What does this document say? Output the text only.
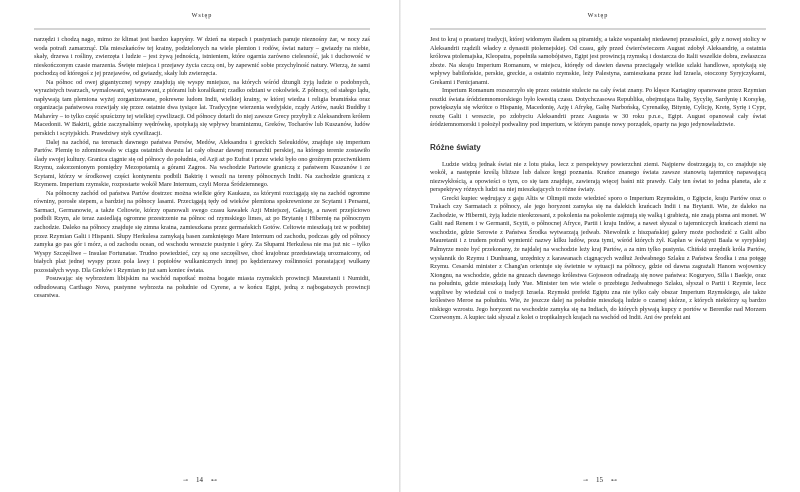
Wstęp

narzędzi i chodzą nago, mimo że klimat jest bardzo kapryśny. W dzień na stepach i pustyniach panuje nieznośny żar, w nocy zaś woda potrafi zamarznąć. Dla mieszkańców tej krainy, podzielonych na wiele plemion i rodów, świat natury – gwiazdy na niebie, skały, drzewa i rośliny, zwierzęta i ludzie – jest żywą jednością, istnieniem, które ogarnia zarówno cielesność, jak i duchowość w nieskończonym czasie marzenia. Święte miejsca i przejawy życia czczą oni, by zapewnić sobie przychylność natury. Wierzą, że sami pochodzą od któregoś z jej przejawów, od gwiazdy, skały lub zwierzęcia.

Na północ od owej gigantycznej wyspy znajdują się wyspy mniejsze, na których wśród dżungli żyją ludzie o podobnych, wyrazistych twarzach, wymalowani, wytatuowani, z piórami lub koralikami; rzadko odziani w cokolwiek. Z północy, od stałego lądu, napływają tam plemiona wyżej zorganizowane, pokrewne ludom Indii, wielkiej krainy, w której wiedza i religia bramińska oraz organizacja państwowa rozwijały się przez ostatnie dwa tysiące lat. Tradycyjne wierzenia wedyjskie, rządy Ariów, nauki Buddhy i Mahavíry – to tylko część spuścizny tej wielkiej cywilizacji. Od północy dotarli do niej zawsze Grecy przybyli z Aleksandrem królem Macedonii. W Baktrii, gdzie zaczynaliśmy wędrówkę, spotykają się wpływy braminizmu, Greków, Tocharów lub Kuszanów, ludów perskich i scytyjskich. Prawdziwy styk cywilizacji.

Dalej na zachód, na terenach dawnego państwa Persów, Medów, Aleksandra i greckich Seleukidów, znajduje się imperium Partów. Plemię to zdominowało w ciągu ostatnich dwustu lat cały obszar dawnej monarchii perskiej, na którego terenie zostawiło ślady swojej kultury. Granica ciągnie się od północy do południa, od Azji aż po Eufrat i przez wieki było ono groźnym przeciwnikiem Rzymu, zakorzenionym pomiędzy Mezopotamią a górami Zagros. Na wschodzie Partowie graniczą z państwem Kuszanów i ze Scytami, którzy w środkowej części kontynentu podbili Baktrię i weszli na tereny północnych Indii. Na zachodzie graniczą z Rzymem. Imperium rzymskie, rozpostarte wokół Mare Internum, czyli Morza Śródziemnego.

Na północny zachód od państwa Partów dostrzec można wielkie góry Kaukazu, za którymi rozciągają się na zachód ogromne równiny, porosłe stepem, a bardziej na północy lasami. Przeciągają tędy od wieków plemiona spokrewnione ze Scytami i Persami, Sarmaci, Germanowie, a także Celtowie, którzy opanowali swego czasu kawałek Azji Mniejszej, Galację, a nawet przejściowo podbili Rzym, ale teraz zasiedlają ogromne przestrzenie na północ od rzymskiego limes, aż po Brytanię i Hibernię na północnym zachodzie. Daleko na północy znajduje się zimna kraina, zamieszkana przez germańskich Gotów. Celtowie mieszkają też w podbitej przez Rzymian Galii i Hispanii. Słupy Herkulesa zamykają basen zamkniętego Mare Internum od zachodu, podczas gdy od północy zamyka go pas gór i mórz, a od zachodu ocean, od wschodu wreszcie pustynie i góry. Za Słupami Herkulesa nie ma już nic – tylko Wyspy Szczęśliwe – Insulae Fortunatae. Trudno powiedzieć, czy są one szczęśliwe, choć krajobraz przedstawiają urozmaicony, od białych plaż jednej wyspy przez pola lawy i popiołów wulkanicznych innej po kędzierzawy roślinności porastającej wulkany pozostałych wysp. Dla Greków i Rzymian to już sam koniec świata.

Posuwając się wybrzeżem libijskim na wschód napotkać można bogate miasta rzymskich prowincji Mauretanii i Numidii, odbudowaną Carthago Nova, pustynne wybrzeża na południe od Cyrene, a w końcu Egipt, jedną z najbogatszych prowincji cesarstwa.

⊸ 14 ⊷
Wstęp

Jest to kraj o prastarej tradycji, której widomym śladem są piramidy, a także wspaniałej niedawnej przeszłości, gdy z nowej stolicy w Aleksandrii rządzili władcy z dynastii ptolemejskiej. Od czasu, gdy przed ćwierćwieczem August zdobył Aleksandrię, a ostatnia królowa ptolemajska, Kleopatra, popełniła samobójstwo, Egipt jest prowincją rzymską i dostarcza do Italii wszelkie dobra, zwłaszcza zboże. Na skraju Imperium Romanum, w miejscu, którędy od dawien dawna przeciągały wielkie szlaki handlowe, spotykają się wpływy babilońskie, perskie, greckie, a ostatnio rzymskie, leży Palestyna, zamieszkana przez lud Izraela, otoczony Syryjczykami, Grekami i Fenicjanami.

Imperium Romanum rozszerzyło się przez ostatnie stulecie na cały świat znany. Po klęsce Kartaginy opanowane przez Rzymian resztki świata śródziemnomorskiego było kwestią czasu. Dotychczasowa Republika, obejmująca Italię, Sycylię, Sardynię i Korsykę, powiększyła się wkrótce o Hispanię, Macedonię, Azję i Afrykę, Galię Narbońską, Cyrenaikę, Bitynię, Cylicję, Kretę, Syrię i Cypr, resztę Galii i wreszcie, po zdobyciu Aleksandrii przez Augusta w 30 roku p.n.e., Egipt. August opanował cały świat śródziemnomorski i położył podwaliny pod imperium, w którym panuje nowy porządek, oparty na jego jedynowładztwie.

Różne światy

Ludzie widzą jednak świat nie z lotu ptaka, lecz z perspektywy powierzchni ziemi. Najpierw dostrzegają to, co znajduje się wokół, a następnie kreślą bliższe lub dalsze kręgi poznania. Krańce znanego świata zawsze stanowią tajemnicę napawającą niezwykłością, a opowieści o tym, co się tam znajduje, zawierają więcej baśni niż prawdy. Cały ten świat to jedna planeta, ale z perspektywy różnych ludzi na niej mieszkających to różne światy.

Grecki kupiec wędrujący z gaju Altis w Olimpii może wiedzieć sporo o Imperium Rzymskim, o Egipcie, kraju Partów oraz o Trakach czy Sarmatach z północy, ale jego horyzont zamyka się na dalekich krańcach Indii i na Brytanii. Wie, że daleko na Zachodzie, w Hibernii, żyją ludzie nieokrzesani, z pokolenia na pokolenie zajmują się walką i grabieżą, nie znają pisma ani monet. W Galii nad Renem i w Germanii, Scytii, o północnej Afryce, Partii i kraju Indów, a nawet słyszał o tajemniczych krańcach ziemi na wschodzie, gdzie Serowie z Państwa Środka wytwarzają jedwab. Niewolnik z hiszpańskiej galery może pochodzić z Galii albo Mauretanii i z trudem potrafi wymienić nazwy kilku ludów, poza tymi, wśród których żył. Kapłan w świątyni Baala w syryjskiej Palmyrze może być przekonany, że najdalej na wschodzie leży kraj Partów, a za nim tylko pustynia. Chiński urzędnik króla Partów, wysłannik do Rzymu i Dunhuang, urzędnicy z karawanach ciągnących wzdłuż Jedwabnego Szlaku z Państwa Środka i zna potęgę Rzymu. Cesarski minister z Chang'an orientuje się świetnie w sytuacji na północy, gdzie od dawna zagrażali Hanom wojownicy Xiongnu, na wschodzie, gdzie na gruzach dawnego królestwa Gojoseon odradzają się nowe państwa: Koguryeo, Silla i Baekje, oraz na południu, gdzie mieszkają ludy Yue. Minister ten wie wiele o przebiegu Jedwabnego Szlaku, słyszał o Partii i Rzymie, lecz wątpliwe by wiedział coś o tradycji Izraela. Rzymski prefekt Egiptu zna nie tylko cały obszar Imperium Rzymskiego, ale także królestwo Meroe na południu. Wie, że jeszcze dalej na południe mieszkają ludzie o czarnej skórze, z których niektórzy są bardzo niskiego wzrostu. Jego horyzont na wschodzie zamyka się na Indiach, do których pływają kupcy z portów w Berenike nad Morzem Czerwonym. A kupiec taki słyszał z kolei o tropikalnych krajach na wschód od Indii. Ani ów prefekt ani

⊸ 15 ⊷
